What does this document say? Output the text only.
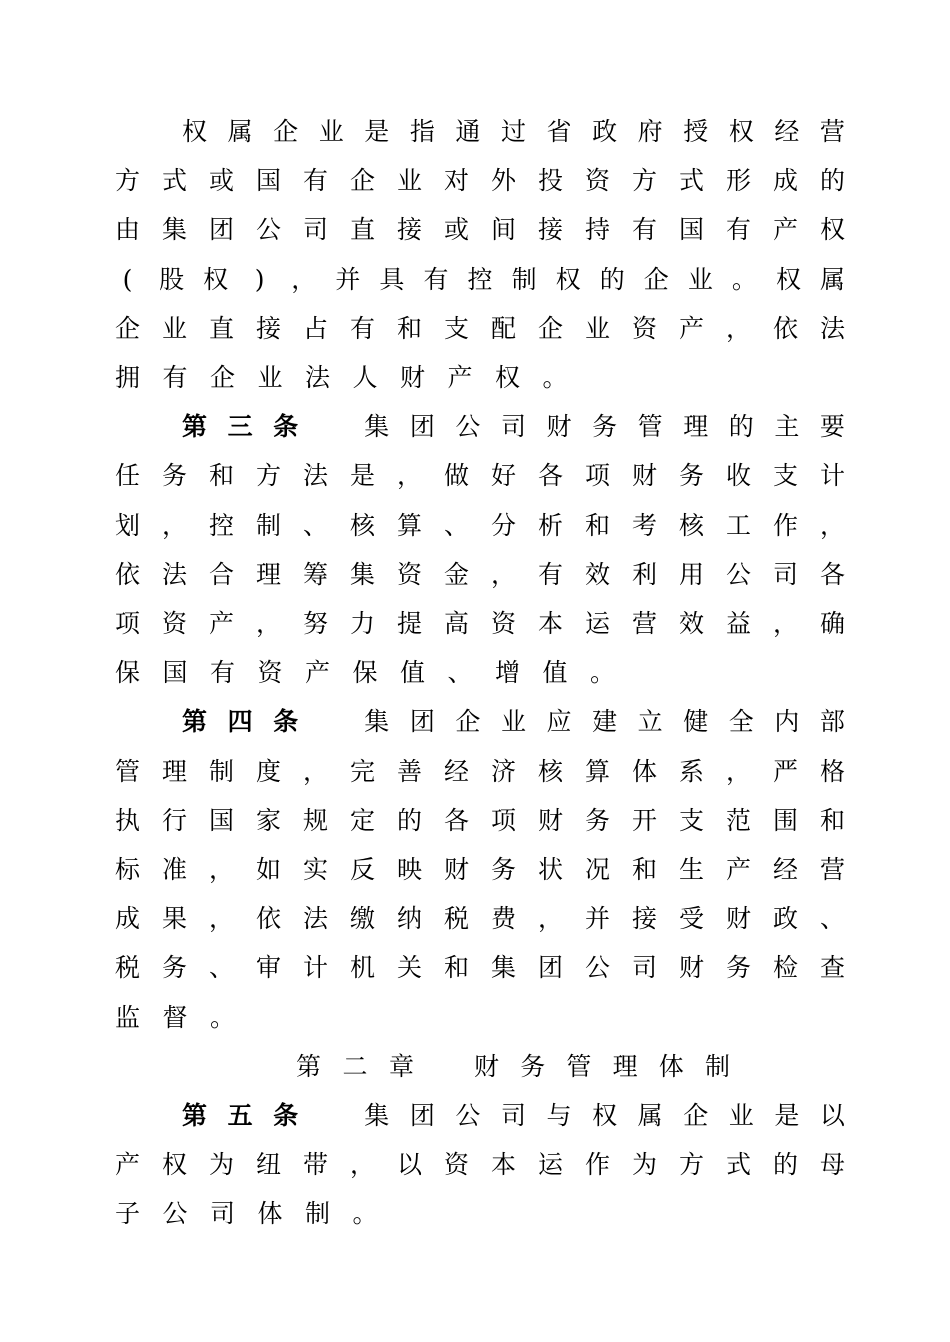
权 属 企 业 是 指 通 过 省 政 府 授 权 经 营
方 式 或 国 有 企 业 对 外 投 资 方 式 形 成 的
由 集 团 公 司 直 接 或 间 接 持 有 国 有 产 权
(	股 权	)	， 并 具 有 控 制 权 的 企 业 。 权 属
企 业 直 接 占 有 和 支 配 企 业 资 产 ， 依 法
拥 有 企 业 法 人 财 产 权 。
第 三 条
	集 团 公 司 财 务 管 理 的 主 要
任 务 和 方 法 是 ， 做 好 各 项 财 务 收 支 计
划 ， 控 制 、 核 算 、 分 析 和 考 核 工 作 ，
依 法 合 理 筹 集 资 金 ， 有 效 利 用 公 司 各
项 资 产 ， 努 力 提 高 资 本 运 营 效 益 ， 确
保 国 有 资 产 保 值 、 增 值 。
第 四 条
	集 团 企 业 应 建 立 健 全 内 部
管 理 制 度 ， 完 善 经 济 核 算 体 系 ， 严 格
执 行 国 家 规 定 的 各 项 财 务 开 支 范 围 和
标 准 ， 如 实 反 映 财 务 状 况 和 生 产 经 营
成 果 ， 依 法 缴 纳 税 费 ， 并 接 受 财 政 、
税 务 、 审 计 机 关 和 集 团 公 司 财 务 检 查
监 督 。
第 二 章 财 务 管 理 体 制
第 五 条
	集 团 公 司 与 权 属 企 业 是 以
产 权 为 纽 带 ， 以 资 本 运 作 为 方 式 的 母
子 公 司 体 制 。
